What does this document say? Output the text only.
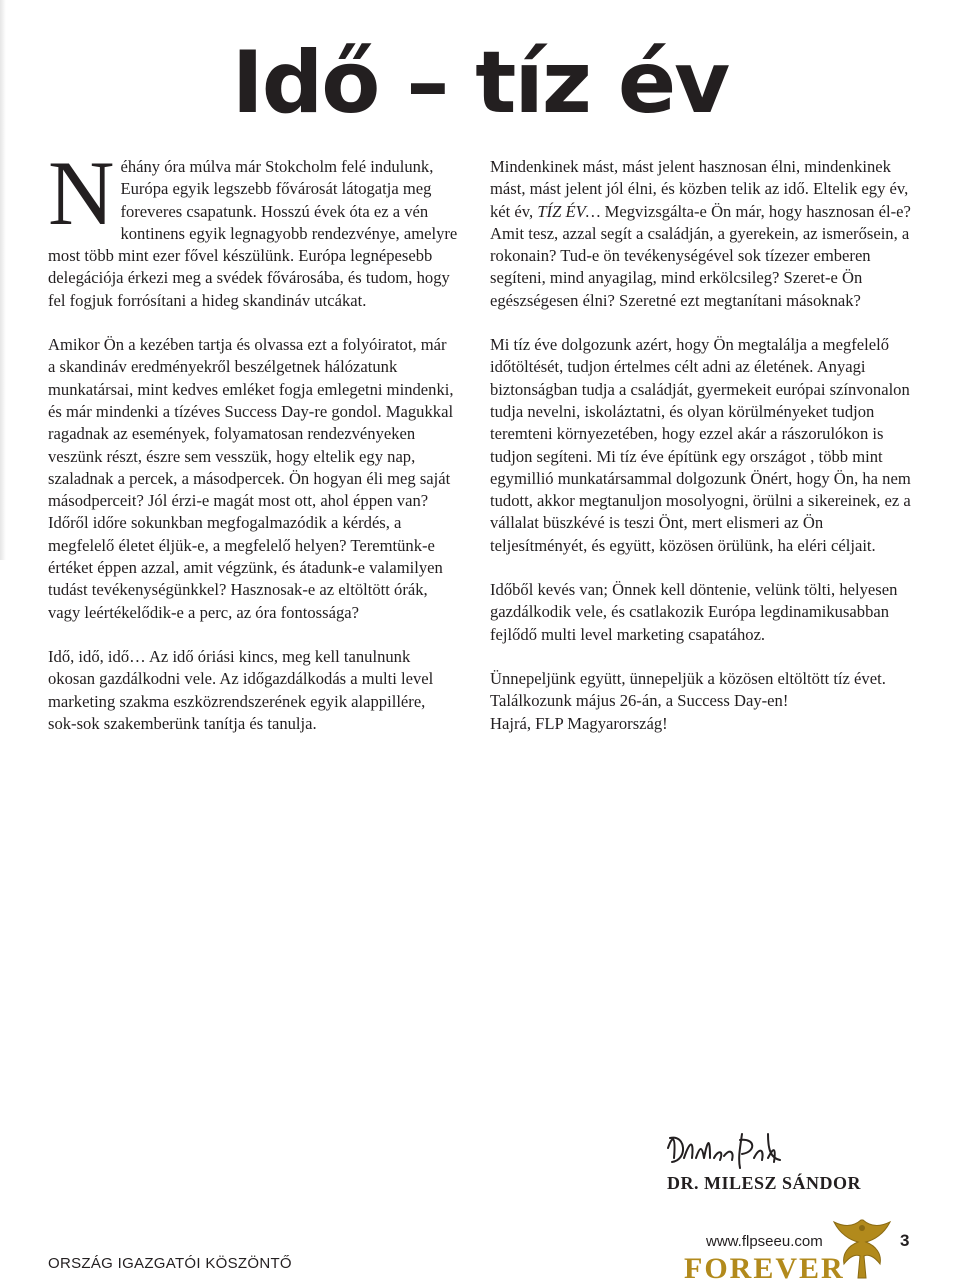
Idő – tíz év

Néhány óra múlva már Stokcholm felé indulunk, Európa egyik legszebb fővárosát látogatja meg foreveres csapatunk. Hosszú évek óta ez a vén kontinens egyik legnagyobb rendezvénye, amelyre most több mint ezer fővel készülünk. Európa legnépesebb delegációja érkezi meg a svédek fővárosába, és tudom, hogy fel fogjuk forrósítani a hideg skandináv utcákat.

Amikor Ön a kezében tartja és olvassa ezt a folyóiratot, már a skandináv eredményekről beszélgetnek hálózatunk munkatársai, mint kedves emléket fogja emlegetni mindenki, és már mindenki a tízéves Success Day-re gondol. Magukkal ragadnak az események, folyamatosan rendezvényeken veszünk részt, észre sem vesszük, hogy eltelik egy nap, szaladnak a percek, a másodpercek. Ön hogyan éli meg saját másodperceit? Jól érzi-e magát most ott, ahol éppen van? Időről időre sokunkban megfogalmazódik a kérdés, a megfelelő életet éljük-e, a megfelelő helyen? Teremtünk-e értéket éppen azzal, amit végzünk, és átadunk-e valamilyen tudást tevékenységünkkel? Hasznosak-e az eltöltött órák, vagy leértékelődik-e a perc, az óra fontossága?

Idő, idő, idő… Az idő óriási kincs, meg kell tanulnunk okosan gazdálkodni vele. Az időgazdálkodás a multi level marketing szakma eszközrendszerének egyik alappillére, sok-sok szakemberünk tanítja és tanulja.

Mindenkinek mást, mást jelent hasznosan élni, mindenkinek mást, mást jelent jól élni, és közben telik az idő. Eltelik egy év, két év, TÍZ ÉV… Megvizsgálta-e Ön már, hogy hasznosan él-e? Amit tesz, azzal segít a családján, a gyerekein, az ismerősein, a rokonain? Tud-e ön tevékenységével sok tízezer emberen segíteni, mind anyagilag, mind erkölcsileg? Szeret-e Ön egészségesen élni? Szeretné ezt megtanítani másoknak?

Mi tíz éve dolgozunk azért, hogy Ön megtalálja a megfelelő időtöltését, tudjon értelmes célt adni az életének. Anyagi biztonságban tudja a családját, gyermekeit európai színvonalon tudja nevelni, iskoláztatni, és olyan körülményeket tudjon teremteni környezetében, hogy ezzel akár a rászorulókon is tudjon segíteni. Mi tíz éve építünk egy országot , több mint egymillió munkatársammal dolgozunk Önért, hogy Ön, ha nem tudott, akkor megtanuljon mosolyogni, örülni a sikereinek, ez a vállalat büszkévé is teszi Önt, mert elismeri az Ön teljesítményét, és együtt, közösen örülünk, ha eléri céljait.

Időből kevés van; Önnek kell döntenie, velünk tölti, helyesen gazdálkodik vele, és csatlakozik Európa legdinamikusabban fejlődő multi level marketing csapatához.

Ünnepeljünk együtt, ünnepeljük a közösen eltöltött tíz évet.
Találkozunk május 26-án, a Success Day-en!
Hajrá, FLP Magyarország!

DR. MILESZ SÁNDOR
ORSZÁG IGAZGATÓI KÖSZÖNTŐ
www.flpseeu.com	3
FOREVER
